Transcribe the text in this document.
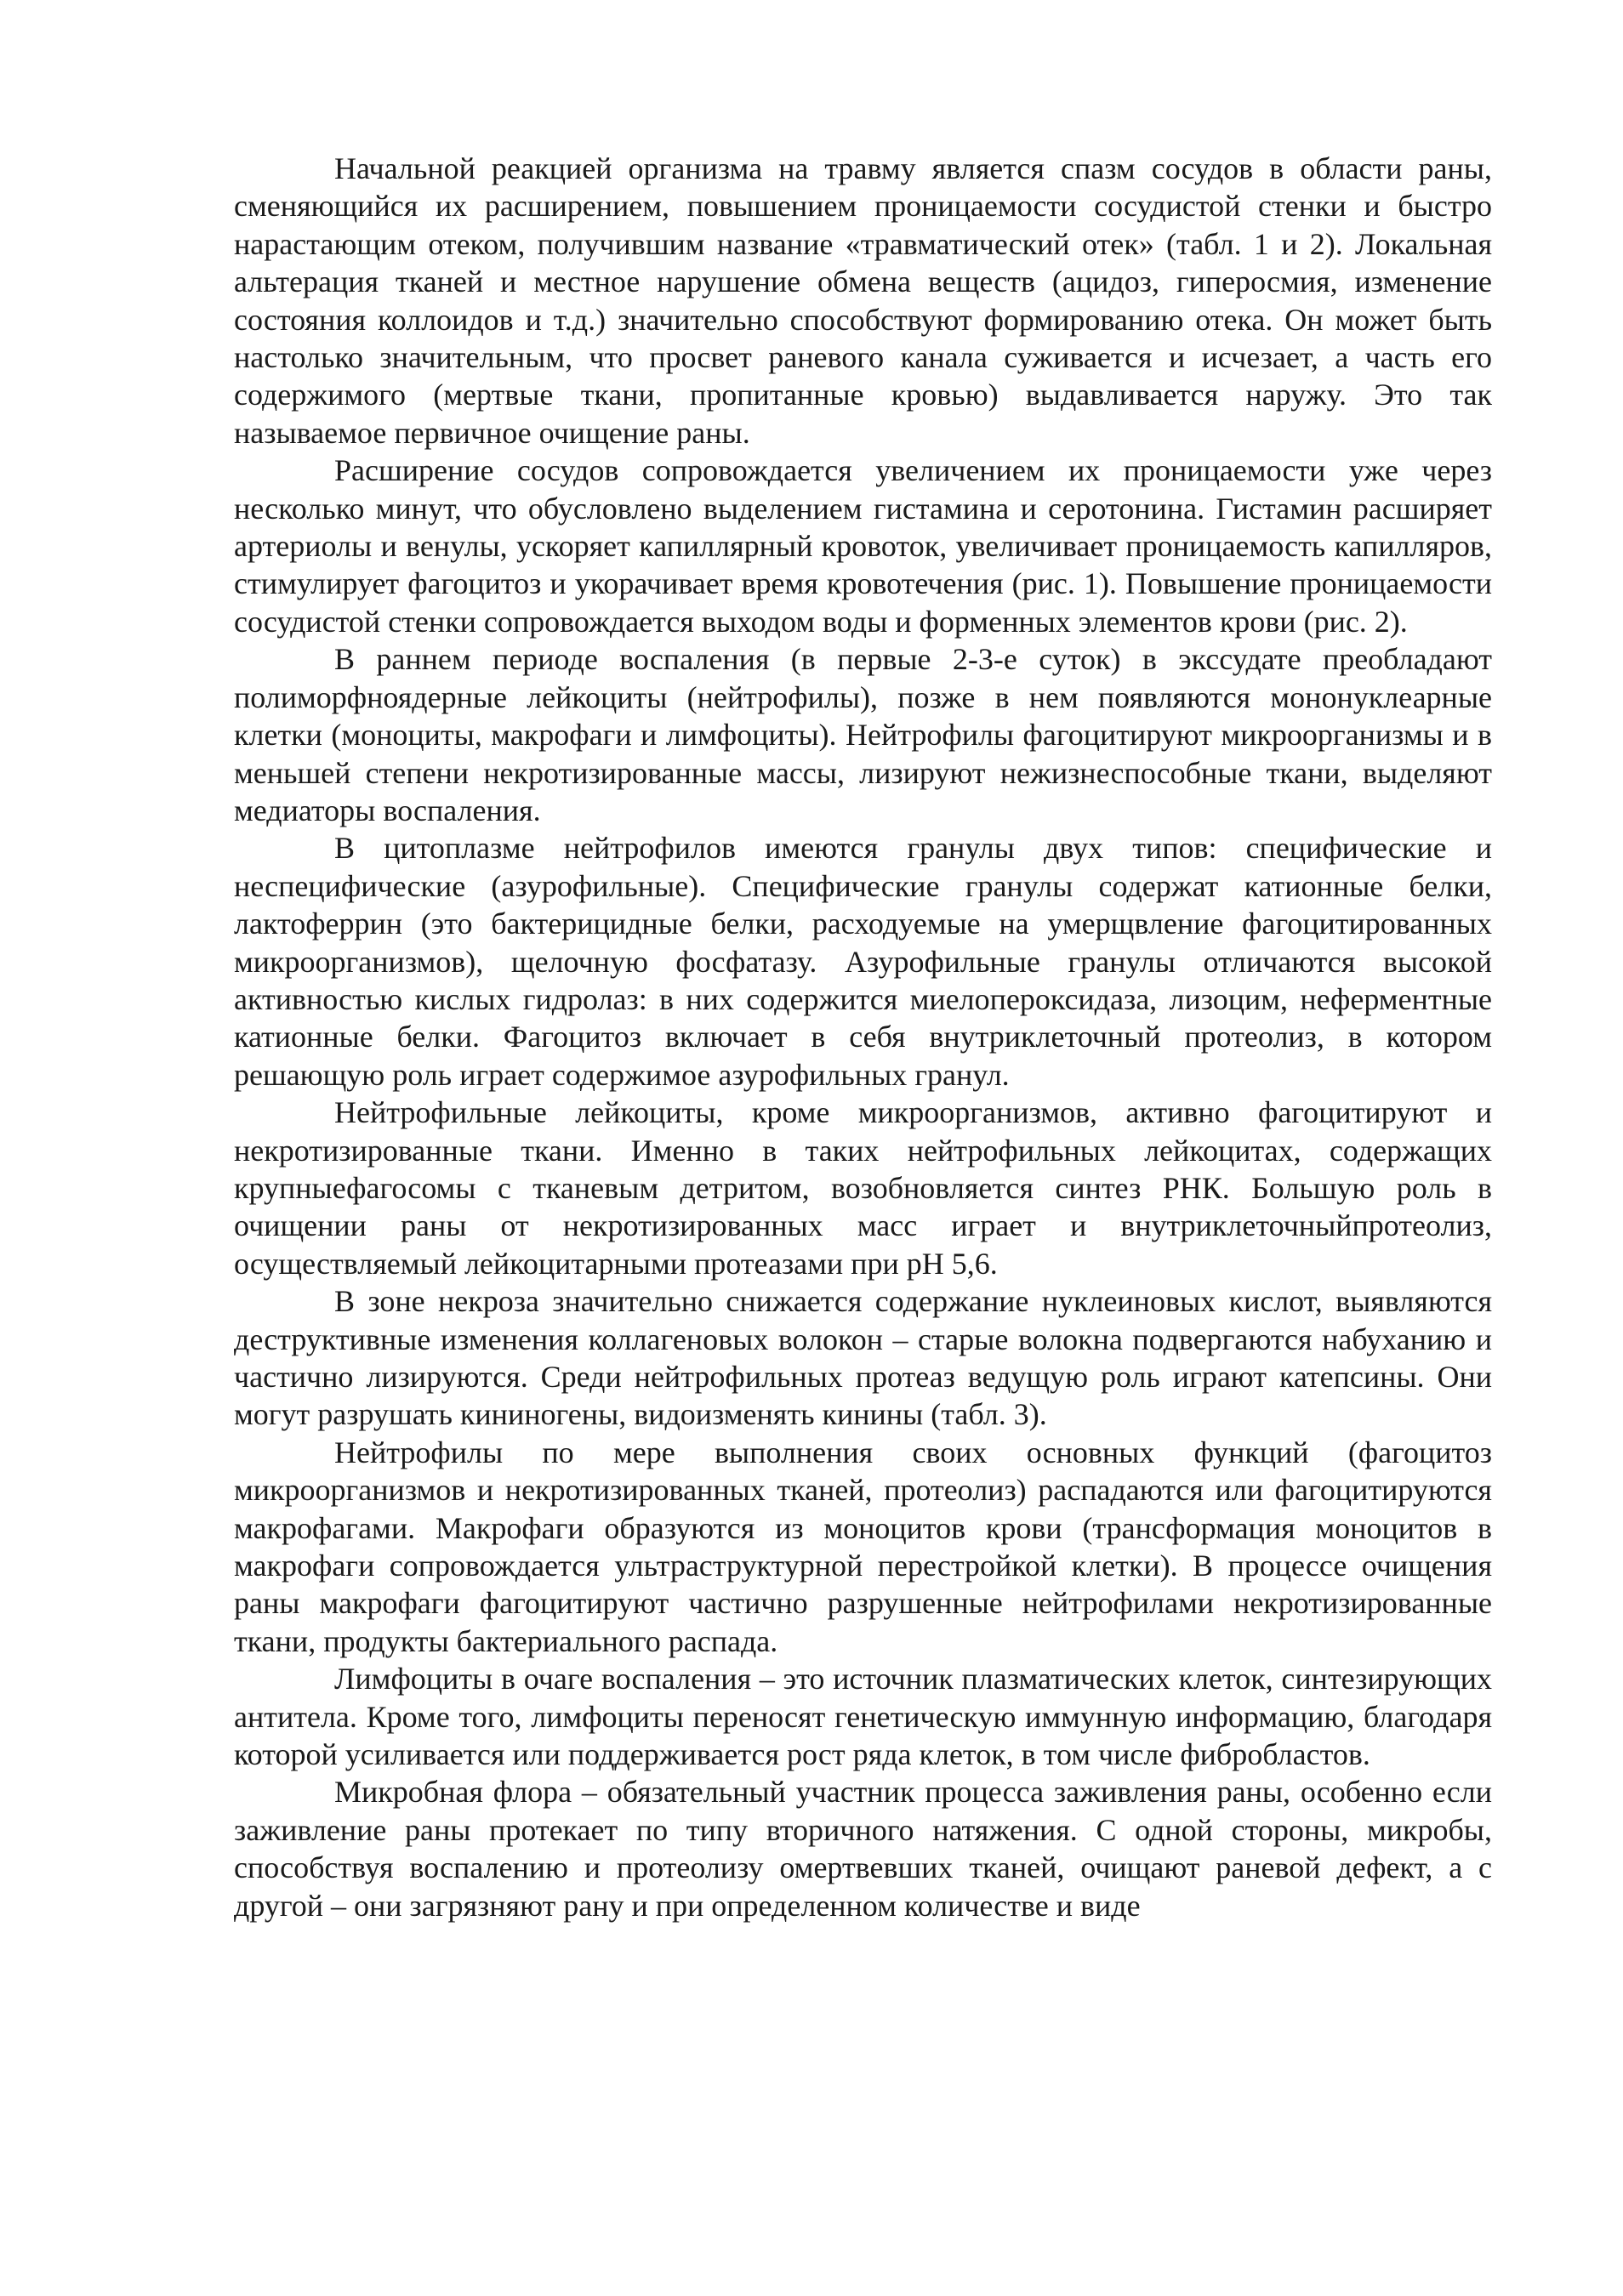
Начальной реакцией организма на травму является спазм сосудов в области раны, сменяющийся их расширением, повышением проницаемости сосудистой стенки и быстро нарастающим отеком, получившим название «травматический отек» (табл. 1 и 2). Локальная альтерация тканей и местное нарушение обмена веществ (ацидоз, гиперосмия, изменение состояния коллоидов и т.д.) значительно способствуют формированию отека. Он может быть настолько значительным, что просвет раневого канала суживается и исчезает, а часть его содержимого (мертвые ткани, пропитанные кровью) выдавливается наружу. Это так называемое первичное очищение раны.

Расширение сосудов сопровождается увеличением их проницаемости уже через несколько минут, что обусловлено выделением гистамина и серотонина. Гистамин расширяет артериолы и венулы, ускоряет капиллярный кровоток, увеличивает проницаемость капилляров, стимулирует фагоцитоз и укорачивает время кровотечения (рис. 1). Повышение проницаемости сосудистой стенки сопровождается выходом воды и форменных элементов крови (рис. 2).

В раннем периоде воспаления (в первые 2-3-е суток) в экссудате преобладают полиморфноядерные лейкоциты (нейтрофилы), позже в нем появляются мононуклеарные клетки (моноциты, макрофаги и лимфоциты). Нейтрофилы фагоцитируют микроорганизмы и в меньшей степени некротизированные массы, лизируют нежизнеспособные ткани, выделяют медиаторы воспаления.

В цитоплазме нейтрофилов имеются гранулы двух типов: специфические и неспецифические (азурофильные). Специфические гранулы содержат катионные белки, лактоферрин (это бактерицидные белки, расходуемые на умерщвление фагоцитированных микроорганизмов), щелочную фосфатазу. Азурофильные гранулы отличаются высокой активностью кислых гидролаз: в них содержится миелопероксидаза, лизоцим, неферментные катионные белки. Фагоцитоз включает в себя внутриклеточный протеолиз, в котором решающую роль играет содержимое азурофильных гранул.

Нейтрофильные лейкоциты, кроме микроорганизмов, активно фагоцитируют и некротизированные ткани. Именно в таких нейтрофильных лейкоцитах, содержащих крупныефагосомы с тканевым детритом, возобновляется синтез РНК. Большую роль в очищении раны от некротизированных масс играет и внутриклеточныйпротеолиз, осуществляемый лейкоцитарными протеазами при рН 5,6.

В зоне некроза значительно снижается содержание нуклеиновых кислот, выявляются деструктивные изменения коллагеновых волокон – старые волокна подвергаются набуханию и частично лизируются. Среди нейтрофильных протеаз ведущую роль играют катепсины. Они могут разрушать кининогены, видоизменять кинины (табл. 3).

Нейтрофилы по мере выполнения своих основных функций (фагоцитоз микроорганизмов и некротизированных тканей, протеолиз) распадаются или фагоцитируются макрофагами. Макрофаги образуются из моноцитов крови (трансформация моноцитов в макрофаги сопровождается ультраструктурной перестройкой клетки). В процессе очищения раны макрофаги фагоцитируют частично разрушенные нейтрофилами некротизированные ткани, продукты бактериального распада.

Лимфоциты в очаге воспаления – это источник плазматических клеток, синтезирующих антитела. Кроме того, лимфоциты переносят генетическую иммунную информацию, благодаря которой усиливается или поддерживается рост ряда клеток, в том числе фибробластов.

Микробная флора – обязательный участник процесса заживления раны, особенно если заживление раны протекает по типу вторичного натяжения. С одной стороны, микробы, способствуя воспалению и протеолизу омертвевших тканей, очищают раневой дефект, а с другой – они загрязняют рану и при определенном количестве и виде
